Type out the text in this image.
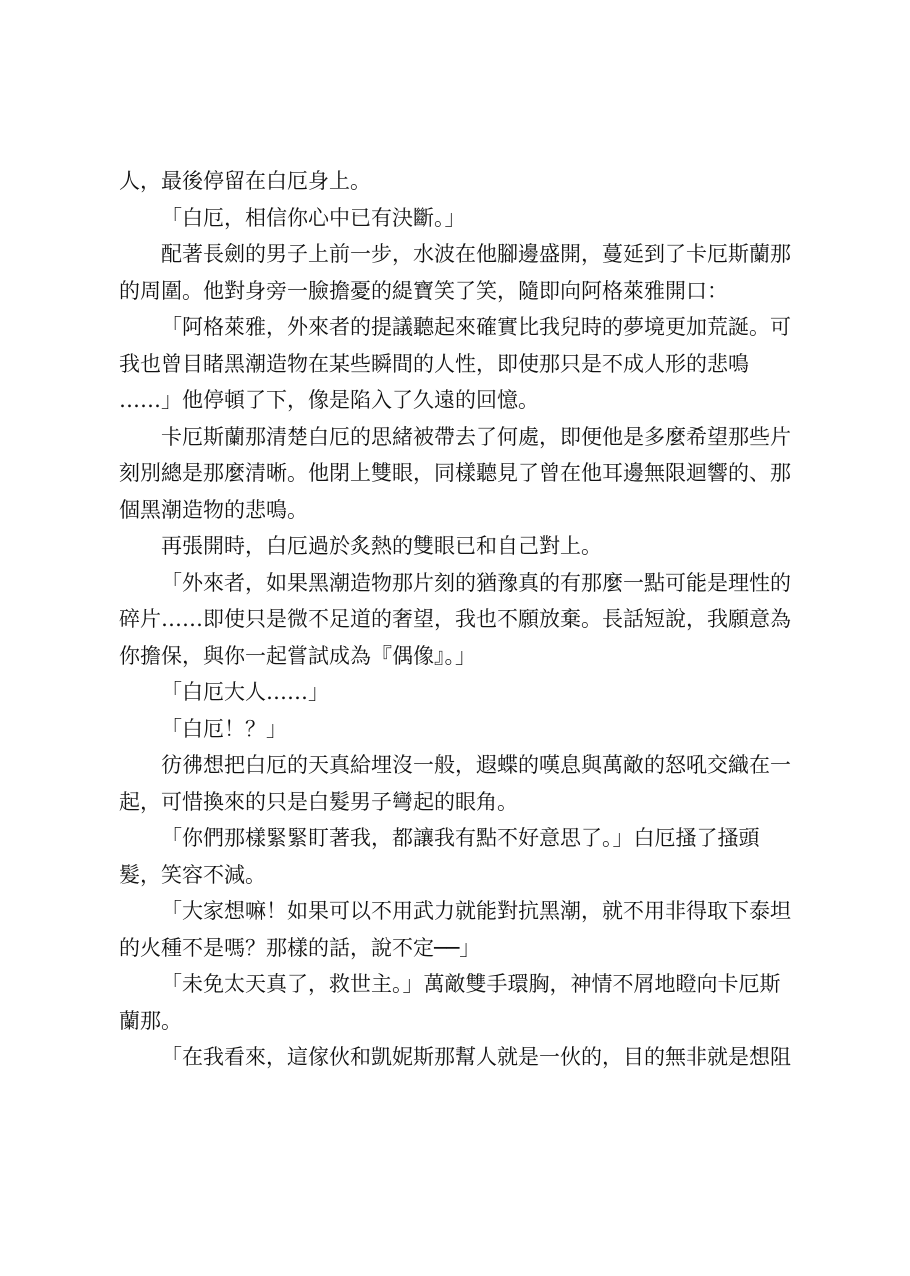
人，最後停留在白厄身上。
「白厄，相信你心中已有決斷。」
配著長劍的男子上前一步，水波在他腳邊盛開，蔓延到了卡厄斯蘭那
的周圍。他對身旁一臉擔憂的緹寶笑了笑，隨即向阿格萊雅開口：
「阿格萊雅，外來者的提議聽起來確實比我兒時的夢境更加荒誕。可
我也曾目睹黑潮造物在某些瞬間的人性，即使那只是不成人形的悲鳴
……」他停頓了下，像是陷入了久遠的回憶。
卡厄斯蘭那清楚白厄的思緒被帶去了何處，即便他是多麼希望那些片
刻別總是那麼清晰。他閉上雙眼，同樣聽見了曾在他耳邊無限迴響的、那
個黑潮造物的悲鳴。
再張開時，白厄過於炙熱的雙眼已和自己對上。
「外來者，如果黑潮造物那片刻的猶豫真的有那麼一點可能是理性的
碎片……即使只是微不足道的奢望，我也不願放棄。長話短說，我願意為
你擔保，與你一起嘗試成為『偶像』。」
「白厄大人……」
「白厄！？」
彷彿想把白厄的天真給埋沒一般，遐蝶的嘆息與萬敵的怒吼交織在一
起，可惜換來的只是白髮男子彎起的眼角。
「你們那樣緊緊盯著我，都讓我有點不好意思了。」白厄搔了搔頭
髮，笑容不減。
「大家想嘛！如果可以不用武力就能對抗黑潮，就不用非得取下泰坦
的火種不是嗎？那樣的話，說不定──」
「未免太天真了，救世主。」萬敵雙手環胸，神情不屑地瞪向卡厄斯
蘭那。
「在我看來，這傢伙和凱妮斯那幫人就是一伙的，目的無非就是想阻
